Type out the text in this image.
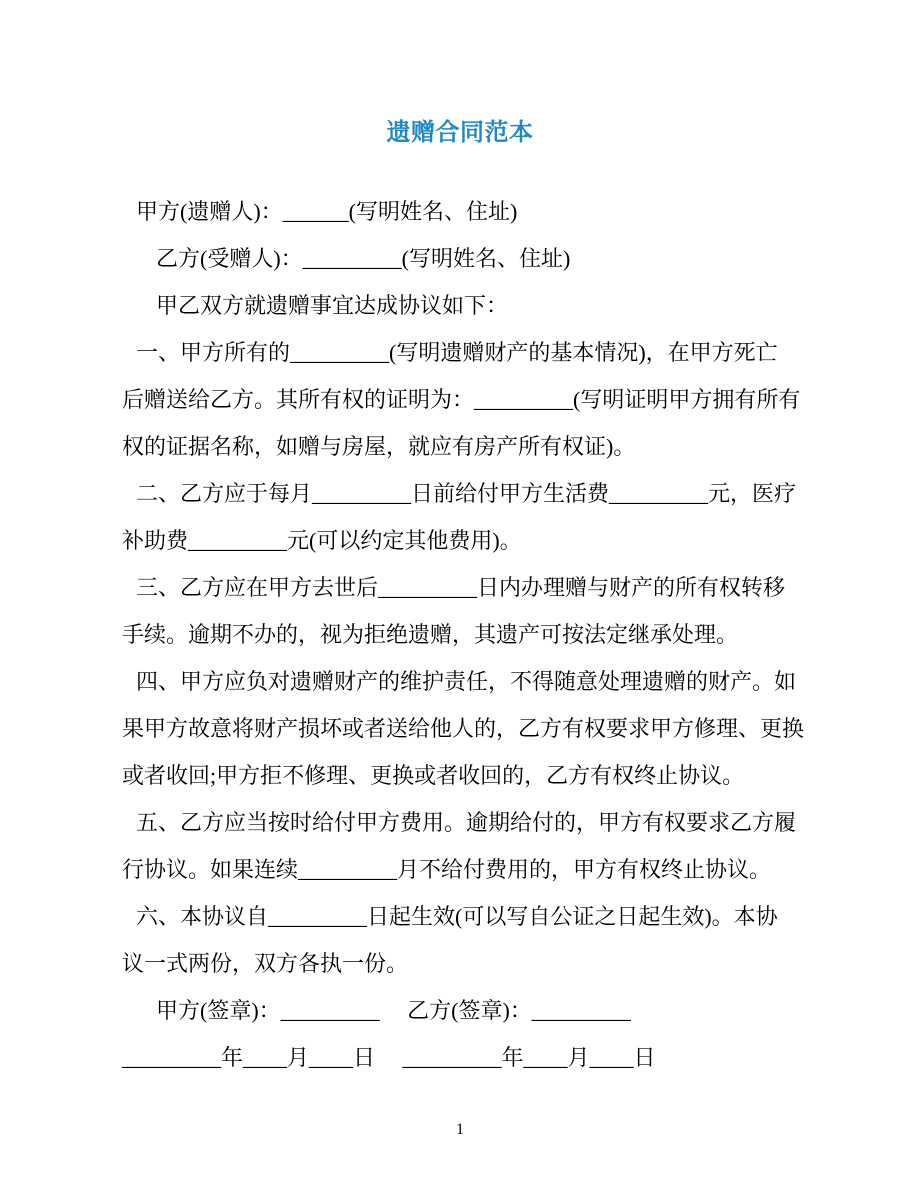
遗赠合同范本
甲方(遗赠人)：______(写明姓名、住址)
乙方(受赠人)：_________(写明姓名、住址)
甲乙双方就遗赠事宜达成协议如下：
一、甲方所有的_________(写明遗赠财产的基本情况)，在甲方死亡
后赠送给乙方。其所有权的证明为：_________(写明证明甲方拥有所有
权的证据名称，如赠与房屋，就应有房产所有权证)。
二、乙方应于每月_________日前给付甲方生活费_________元，医疗
补助费_________元(可以约定其他费用)。
三、乙方应在甲方去世后_________日内办理赠与财产的所有权转移
手续。逾期不办的，视为拒绝遗赠，其遗产可按法定继承处理。
四、甲方应负对遗赠财产的维护责任，不得随意处理遗赠的财产。如
果甲方故意将财产损坏或者送给他人的，乙方有权要求甲方修理、更换
或者收回;甲方拒不修理、更换或者收回的，乙方有权终止协议。
五、乙方应当按时给付甲方费用。逾期给付的，甲方有权要求乙方履
行协议。如果连续_________月不给付费用的，甲方有权终止协议。
六、本协议自_________日起生效(可以写自公证之日起生效)。本协
议一式两份，双方各执一份。
甲方(签章)：_________　 乙方(签章)：_________
_________年____月____日 　_________年____月____日
1
